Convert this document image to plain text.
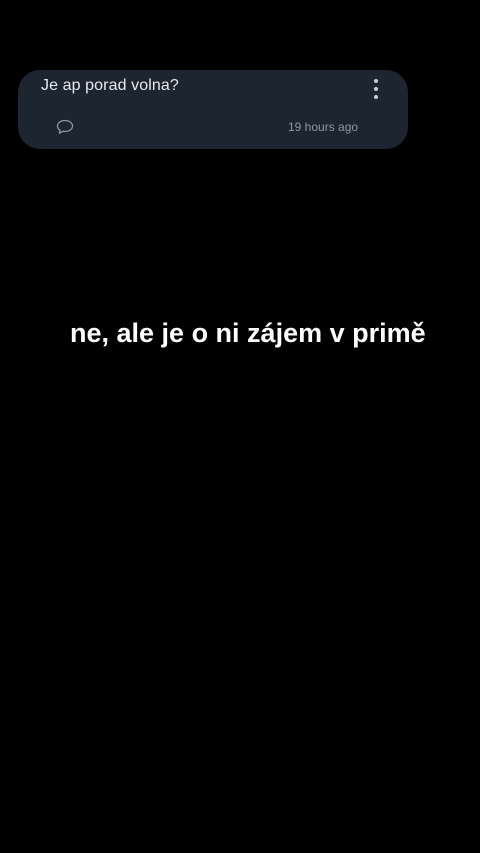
Je ap porad volna?
19 hours ago
ne, ale je o ni zájem v primě
